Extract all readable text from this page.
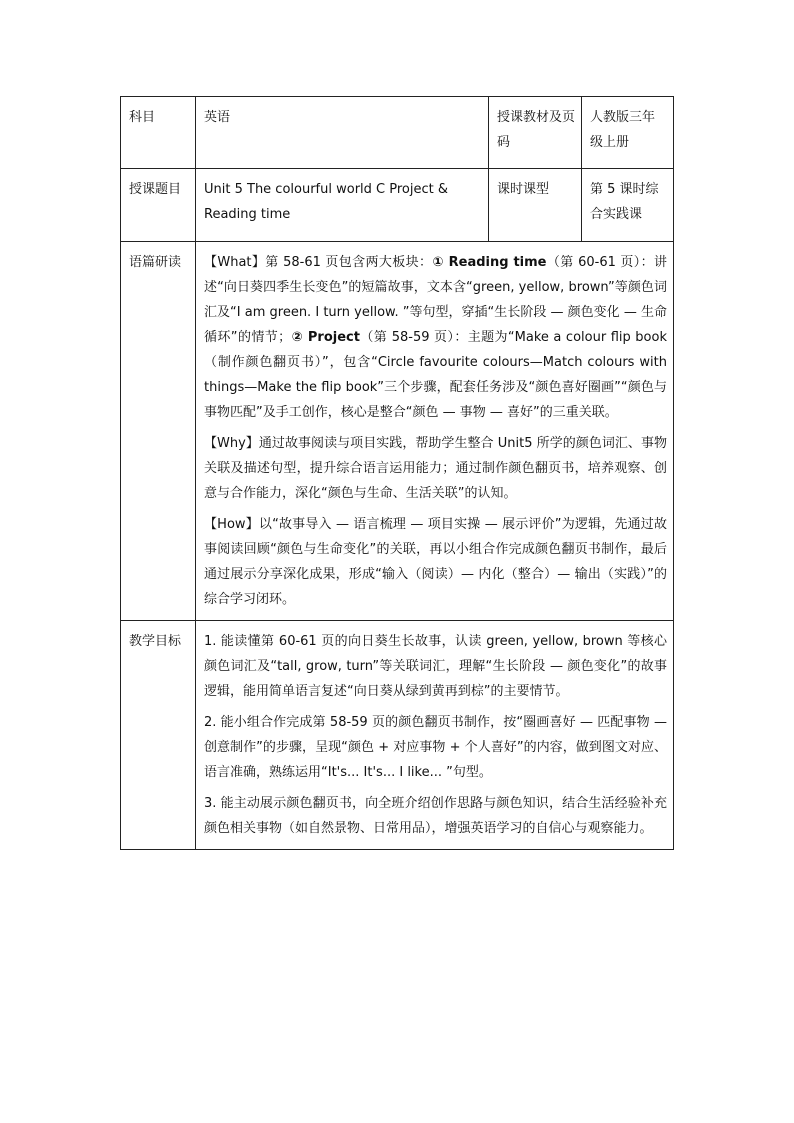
科目	英语	授课教材及页码	人教版三年级上册
授课题目	Unit 5 The colourful world C Project & Reading time	课时课型	第 5 课时综合实践课
语篇研读	【What】第 58-61 页包含两大板块：① Reading time（第 60-61 页）：讲述“向日葵四季生长变色”的短篇故事，文本含“green, yellow, brown”等颜色词汇及“I am green. I turn yellow. ”等句型，穿插“生长阶段 — 颜色变化 — 生命循环”的情节；② Project（第 58-59 页）：主题为“Make a colour flip book（制作颜色翻页书）”，包含“Circle favourite colours—Match colours with things—Make the flip book”三个步骤，配套任务涉及“颜色喜好圈画”“颜色与事物匹配”及手工创作，核心是整合“颜色 — 事物 — 喜好”的三重关联。

【Why】通过故事阅读与项目实践，帮助学生整合 Unit5 所学的颜色词汇、事物关联及描述句型，提升综合语言运用能力；通过制作颜色翻页书，培养观察、创意与合作能力，深化“颜色与生命、生活关联”的认知。

【How】以“故事导入 — 语言梳理 — 项目实操 — 展示评价”为逻辑，先通过故事阅读回顾“颜色与生命变化”的关联，再以小组合作完成颜色翻页书制作，最后通过展示分享深化成果，形成“输入（阅读）— 内化（整合）— 输出（实践）”的综合学习闭环。		

教学目标	1. 能读懂第 60-61 页的向日葵生长故事，认读 green, yellow, brown 等核心颜色词汇及“tall, grow, turn”等关联词汇，理解“生长阶段 — 颜色变化”的故事逻辑，能用简单语言复述“向日葵从绿到黄再到棕”的主要情节。

2. 能小组合作完成第 58-59 页的颜色翻页书制作，按“圈画喜好 — 匹配事物 — 创意制作”的步骤，呈现“颜色 + 对应事物 + 个人喜好”的内容，做到图文对应、语言准确，熟练运用“It's... It's... I like... ”句型。

3. 能主动展示颜色翻页书，向全班介绍创作思路与颜色知识，结合生活经验补充颜色相关事物（如自然景物、日常用品），增强英语学习的自信心与观察能力。		
